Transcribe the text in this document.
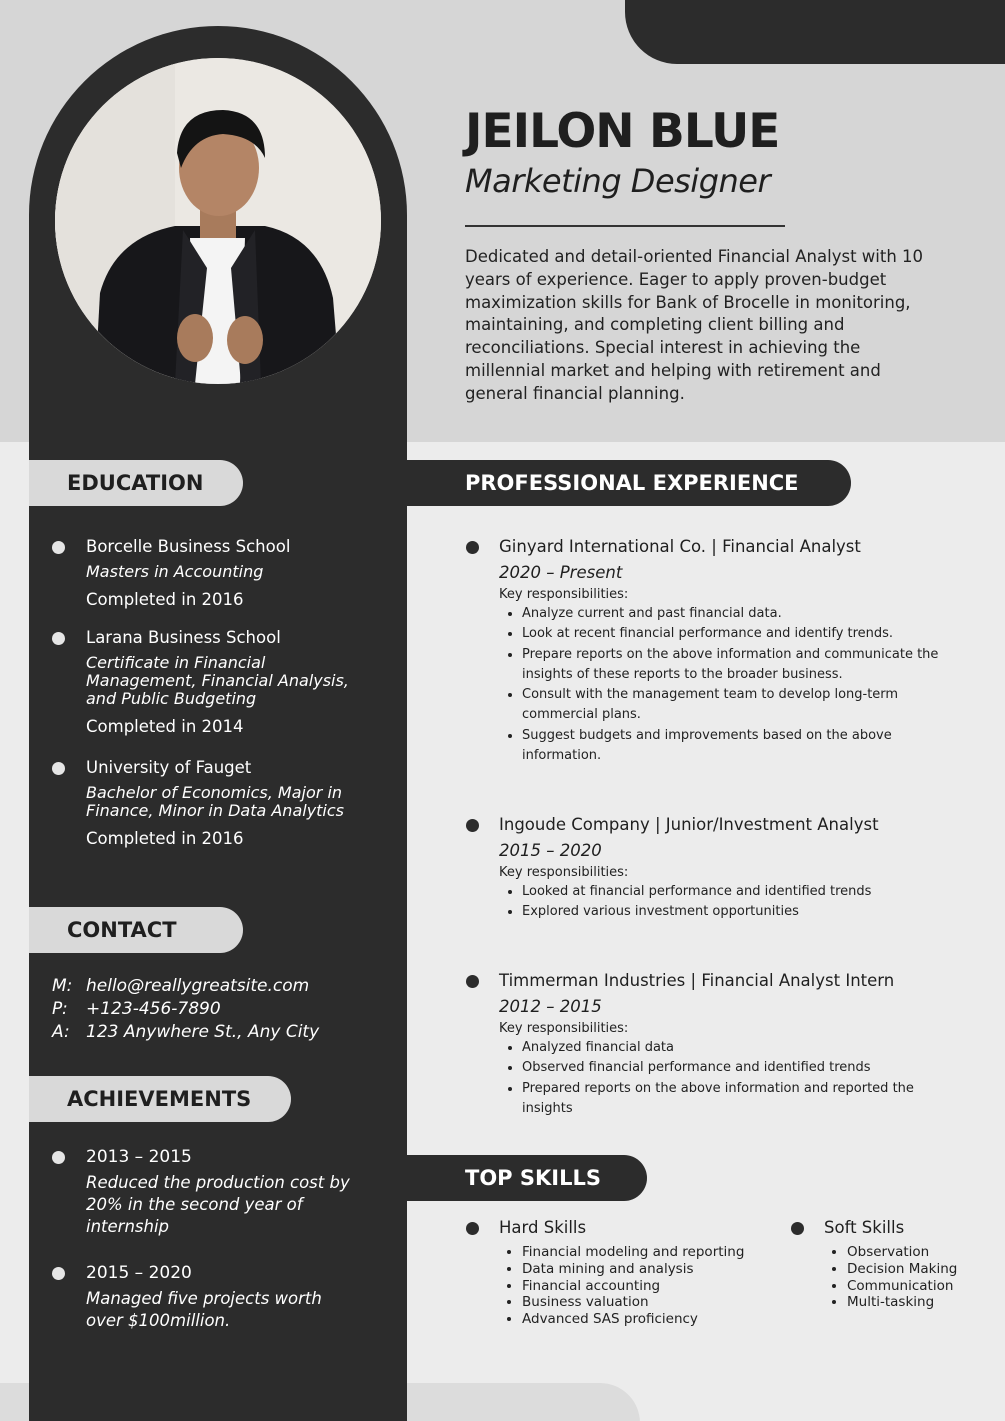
JEILON BLUE
Marketing Designer
Dedicated and detail-oriented Financial Analyst with 10 years of experience. Eager to apply proven-budget maximization skills for Bank of Brocelle in monitoring, maintaining, and completing client billing and reconciliations. Special interest in achieving the millennial market and helping with retirement and general financial planning.
EDUCATION
Borcelle Business School
Masters in Accounting
Completed in 2016
Larana Business School
Certificate in Financial Management, Financial Analysis, and Public Budgeting
Completed in 2014
University of Fauget
Bachelor of Economics, Major in Finance, Minor in Data Analytics
Completed in 2016
CONTACT
M: hello@reallygreatsite.com
P: +123-456-7890
A: 123 Anywhere St., Any City
ACHIEVEMENTS
2013 – 2015
Reduced the production cost by 20% in the second year of internship
2015 – 2020
Managed five projects worth over $100million.
PROFESSIONAL EXPERIENCE
Ginyard International Co. | Financial Analyst
2020 – Present
Key responsibilities:
• Analyze current and past financial data.
• Look at recent financial performance and identify trends.
• Prepare reports on the above information and communicate the insights of these reports to the broader business.
• Consult with the management team to develop long-term commercial plans.
• Suggest budgets and improvements based on the above information.
Ingoude Company | Junior/Investment Analyst
2015 – 2020
Key responsibilities:
• Looked at financial performance and identified trends
• Explored various investment opportunities
Timmerman Industries | Financial Analyst Intern
2012 – 2015
Key responsibilities:
• Analyzed financial data
• Observed financial performance and identified trends
• Prepared reports on the above information and reported the insights
TOP SKILLS
Hard Skills
• Financial modeling and reporting
• Data mining and analysis
• Financial accounting
• Business valuation
• Advanced SAS proficiency
Soft Skills
• Observation
• Decision Making
• Communication
• Multi-tasking
